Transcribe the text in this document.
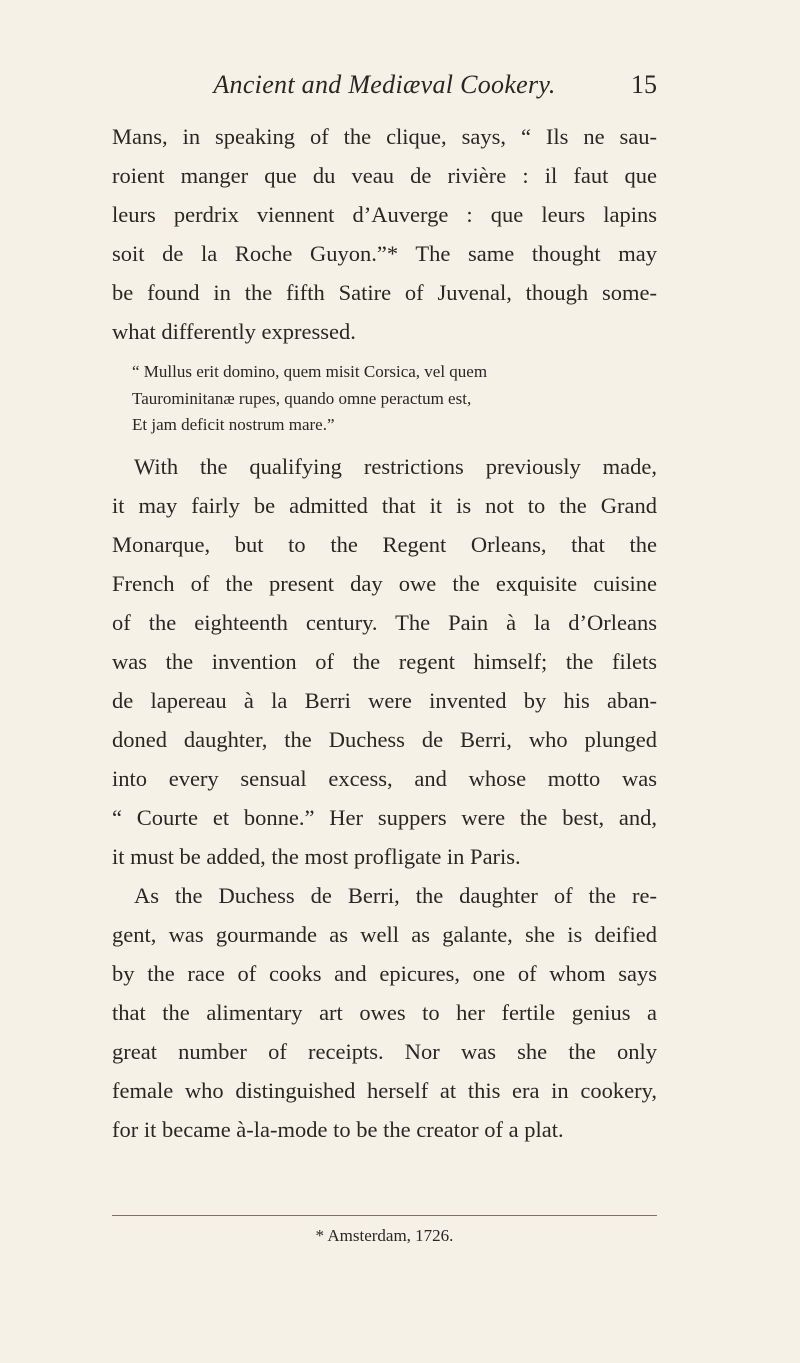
Ancient and Mediæval Cookery.	15

Mans, in speaking of the clique, says, “ Ils ne sau-
roient manger que du veau de rivière : il faut que
leurs perdrix viennent d’Auverge : que leurs lapins
soit de la Roche Guyon.”* The same thought may
be found in the fifth Satire of Juvenal, though some-
what differently expressed.

“ Mullus erit domino, quem misit Corsica, vel quem
Taurominitanæ rupes, quando omne peractum est,
Et jam deficit nostrum mare.”

With the qualifying restrictions previously made,
it may fairly be admitted that it is not to the Grand
Monarque, but to the Regent Orleans, that the
French of the present day owe the exquisite cuisine
of the eighteenth century. The Pain à la d’Orleans
was the invention of the regent himself; the filets
de lapereau à la Berri were invented by his aban-
doned daughter, the Duchess de Berri, who plunged
into every sensual excess, and whose motto was
“ Courte et bonne.” Her suppers were the best, and,
it must be added, the most profligate in Paris.

As the Duchess de Berri, the daughter of the re-
gent, was gourmande as well as galante, she is deified
by the race of cooks and epicures, one of whom says
that the alimentary art owes to her fertile genius a
great number of receipts. Nor was she the only
female who distinguished herself at this era in cookery,
for it became à-la-mode to be the creator of a plat.

* Amsterdam, 1726.
